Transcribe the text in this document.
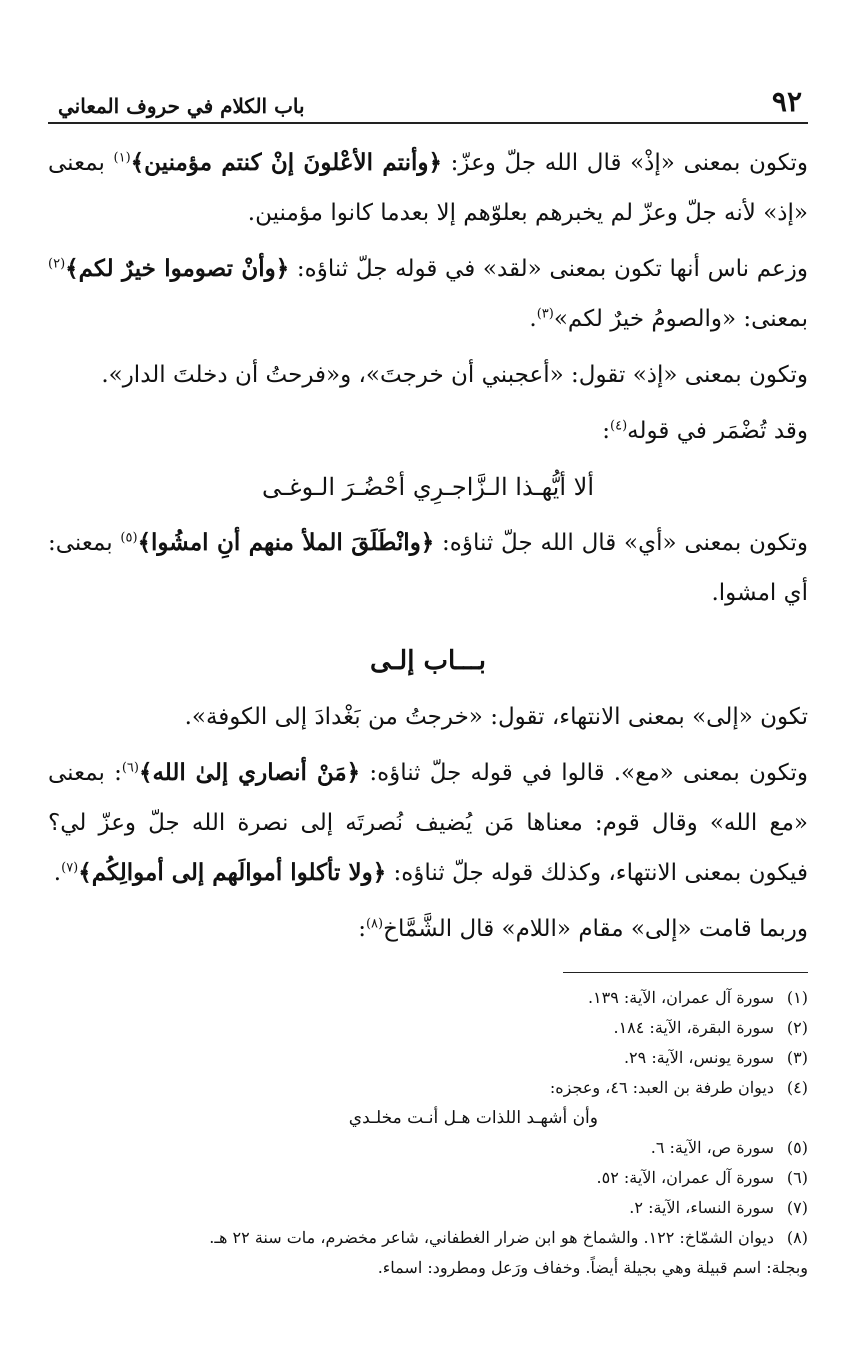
٩٢
باب الكلام في حروف المعاني

وتكون بمعنى «إذْ» قال الله جلّ وعزّ: ﴿وأنتم الأعْلونَ إنْ كنتم مؤمنين﴾$^{(١)}$ بمعنى «إذ» لأنه جلّ وعزّ لم يخبرهم بعلوّهم إلا بعدما كانوا مؤمنين.

وزعم ناس أنها تكون بمعنى «لقد» في قوله جلّ ثناؤه: ﴿وأنْ تصوموا خيرٌ لكم﴾$^{(٢)}$ بمعنى: «والصومُ خيرٌ لكم»$^{(٣)}$.

وتكون بمعنى «إذ» تقول: «أعجبني أن خرجتَ»، و«فرحتُ أن دخلتَ الدار».

وقد تُضْمَر في قوله$^{(٤)}$:

ألا أيُّهـذا الـزَّاجـرِي أحْضُـرَ الـوغـى

وتكون بمعنى «أي» قال الله جلّ ثناؤه: ﴿وانْطَلَقَ الملأ منهم أنِ امشُوا﴾$^{(٥)}$ بمعنى: أي امشوا.

بـــاب إلـى

تكون «إلى» بمعنى الانتهاء، تقول: «خرجتُ من بَغْدادَ إلى الكوفة».

وتكون بمعنى «مع». قالوا في قوله جلّ ثناؤه: ﴿مَنْ أنصاري إلىٰ الله﴾$^{(٦)}$: بمعنى «مع الله» وقال قوم: معناها مَن يُضيف نُصرتَه إلى نصرة الله جلّ وعزّ لي؟ فيكون بمعنى الانتهاء، وكذلك قوله جلّ ثناؤه: ﴿ولا تأكلوا أموالَهم إلى أموالِكُم﴾$^{(٧)}$.

وربما قامت «إلى» مقام «اللام» قال الشَّمَّاخ$^{(٨)}$:

(١)
سورة آل عمران، الآية: ١٣٩.
(٢)
سورة البقرة، الآية: ١٨٤.
(٣)
سورة يونس، الآية: ٢٩.
(٤)
ديوان طرفة بن العبد: ٤٦، وعجزه:
وأن أشهـد اللذات هـل أنـت مخلـدي
(٥)
سورة ص، الآية: ٦.
(٦)
سورة آل عمران، الآية: ٥٢.
(٧)
سورة النساء، الآية: ٢.
(٨)
ديوان الشمّاخ: ١٢٢. والشماخ هو ابن ضرار الغطفاني، شاعر مخضرم، مات سنة ٢٢ هـ.
وبجلة: اسم قبيلة وهي بجيلة أيضاً. وخفاف ورَعل ومطرود: اسماء.
